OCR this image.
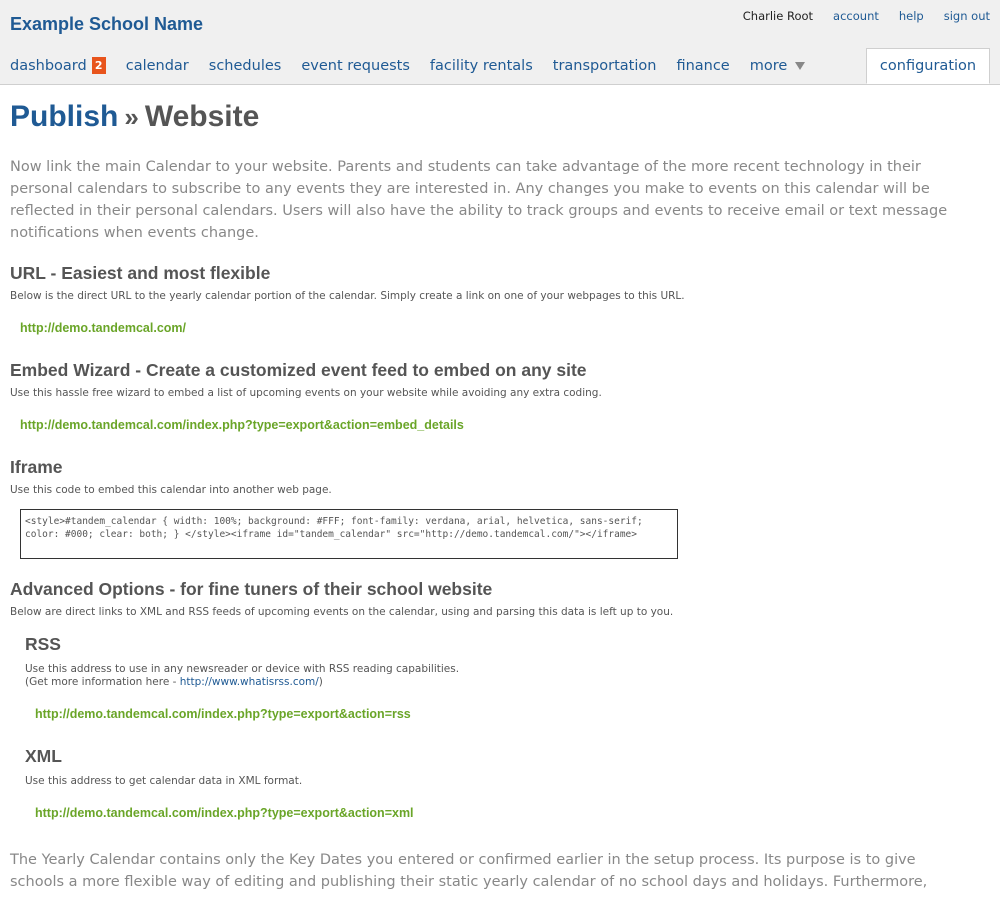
Example School Name	Charlie Root account help sign out
dashboard 2 calendar schedules event requests facility rentals transportation finance more	configuration
Publish » Website
Now link the main Calendar to your website. Parents and students can take advantage of the more recent technology in their personal calendars to subscribe to any events they are interested in. Any changes you make to events on this calendar will be reflected in their personal calendars. Users will also have the ability to track groups and events to receive email or text message notifications when events change.
URL - Easiest and most flexible
Below is the direct URL to the yearly calendar portion of the calendar. Simply create a link on one of your webpages to this URL.
http://demo.tandemcal.com/
Embed Wizard - Create a customized event feed to embed on any site
Use this hassle free wizard to embed a list of upcoming events on your website while avoiding any extra coding.
http://demo.tandemcal.com/index.php?type=export&action=embed_details
Iframe
Use this code to embed this calendar into another web page.
<style>#tandem_calendar { width: 100%; background: #FFF; font-family: verdana, arial, helvetica, sans-serif; color: #000; clear: both; } </style><iframe id="tandem_calendar" src="http://demo.tandemcal.com/"></iframe>
Advanced Options - for fine tuners of their school website
Below are direct links to XML and RSS feeds of upcoming events on the calendar, using and parsing this data is left up to you.
RSS
Use this address to use in any newsreader or device with RSS reading capabilities.
(Get more information here - http://www.whatisrss.com/)
http://demo.tandemcal.com/index.php?type=export&action=rss
XML
Use this address to get calendar data in XML format.
http://demo.tandemcal.com/index.php?type=export&action=xml
The Yearly Calendar contains only the Key Dates you entered or confirmed earlier in the setup process. Its purpose is to give schools a more flexible way of editing and publishing their static yearly calendar of no school days and holidays. Furthermore,
